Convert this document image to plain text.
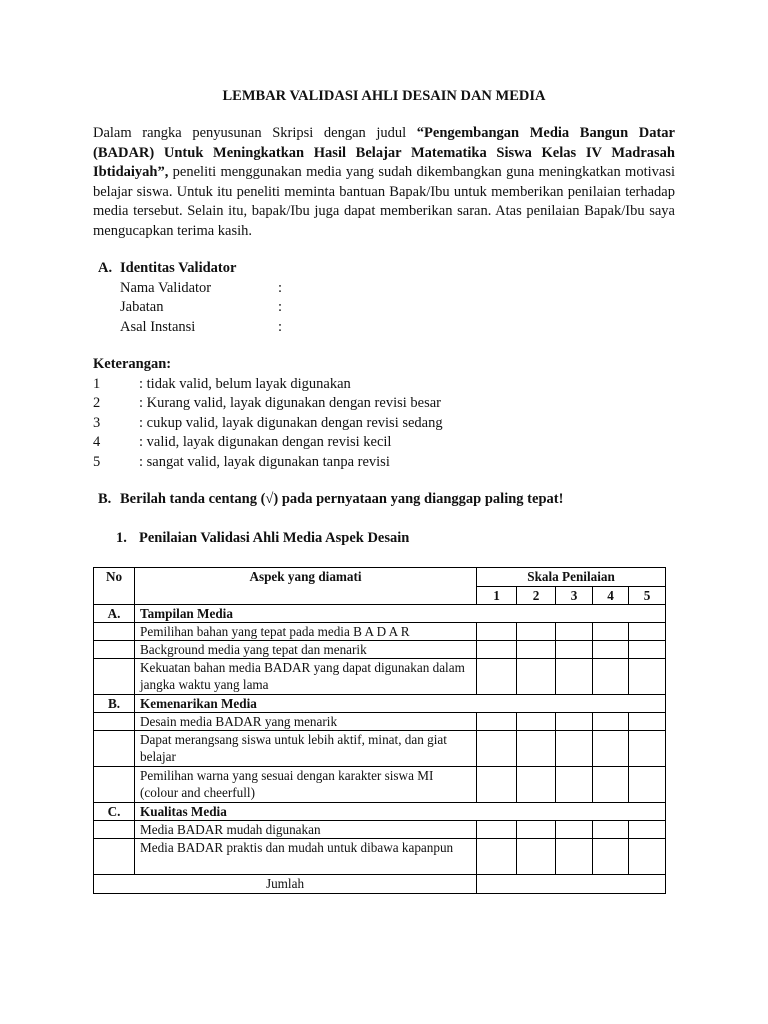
LEMBAR VALIDASI AHLI DESAIN DAN MEDIA

Dalam rangka penyusunan Skripsi dengan judul “Pengembangan Media Bangun Datar (BADAR) Untuk Meningkatkan Hasil Belajar Matematika Siswa Kelas IV Madrasah Ibtidaiyah”, peneliti menggunakan media yang sudah dikembangkan guna meningkatkan motivasi belajar siswa. Untuk itu peneliti meminta bantuan Bapak/Ibu untuk memberikan penilaian terhadap media tersebut. Selain itu, bapak/Ibu juga dapat memberikan saran. Atas penilaian Bapak/Ibu saya mengucapkan terima kasih.

A. Identitas Validator
Nama Validator	:
Jabatan	:
Asal Instansi	:
Keterangan:
1	: tidak valid, belum layak digunakan
2	: Kurang valid, layak digunakan dengan revisi besar
3	: cukup valid, layak digunakan dengan revisi sedang
4	: valid, layak digunakan dengan revisi kecil
5	: sangat valid, layak digunakan tanpa revisi
B. Berilah tanda centang (√) pada pernyataan yang dianggap paling tepat!
1. Penilaian Validasi Ahli Media Aspek Desain
No	Aspek yang diamati	Skala Penilaian				
		1	2	3	4	5
A.	Tampilan Media					
	Pemilihan bahan yang tepat pada media B A D A R					
	Background media yang tepat dan menarik					
	Kekuatan bahan media BADAR yang dapat digunakan dalam jangka waktu yang lama					
B.	Kemenarikan Media					
	Desain media BADAR yang menarik					
	Dapat merangsang siswa untuk lebih aktif, minat, dan giat belajar					
	Pemilihan warna yang sesuai dengan karakter siswa MI (colour and cheerfull)					
C.	Kualitas Media					
	Media BADAR mudah digunakan					
	Media BADAR praktis dan mudah untuk dibawa kapanpun					
Jumlah						
